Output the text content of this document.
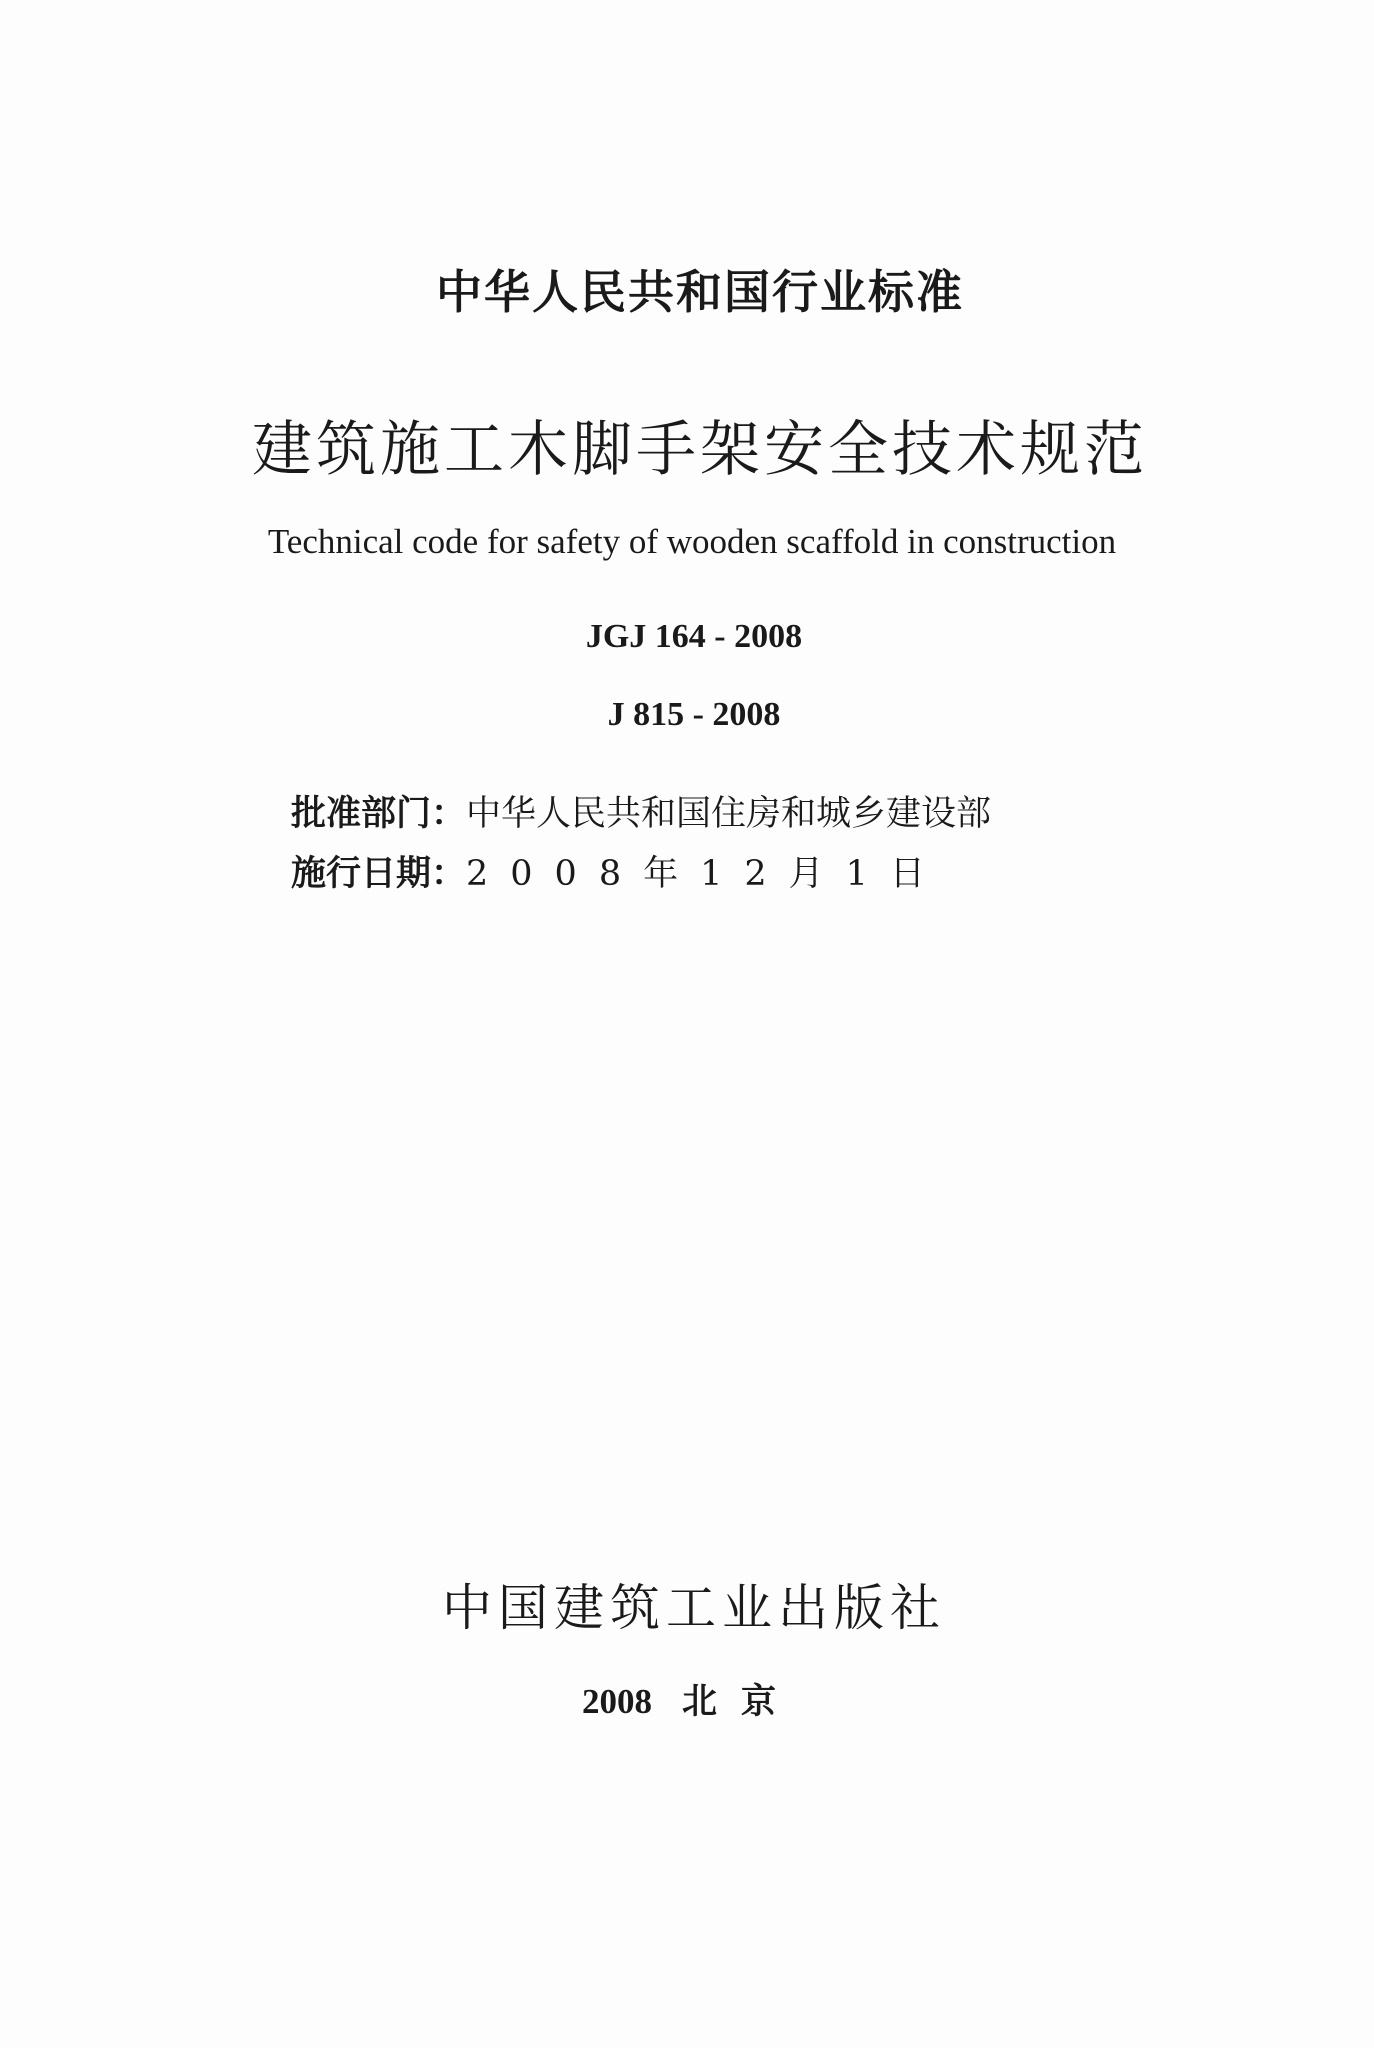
中华人民共和国行业标准
建筑施工木脚手架安全技术规范
Technical code for safety of wooden scaffold in construction
JGJ 164 - 2008
J 815 - 2008
批准部门：中华人民共和国住房和城乡建设部
施行日期：2008年12月1日
中国建筑工业出版社
2008 北京
